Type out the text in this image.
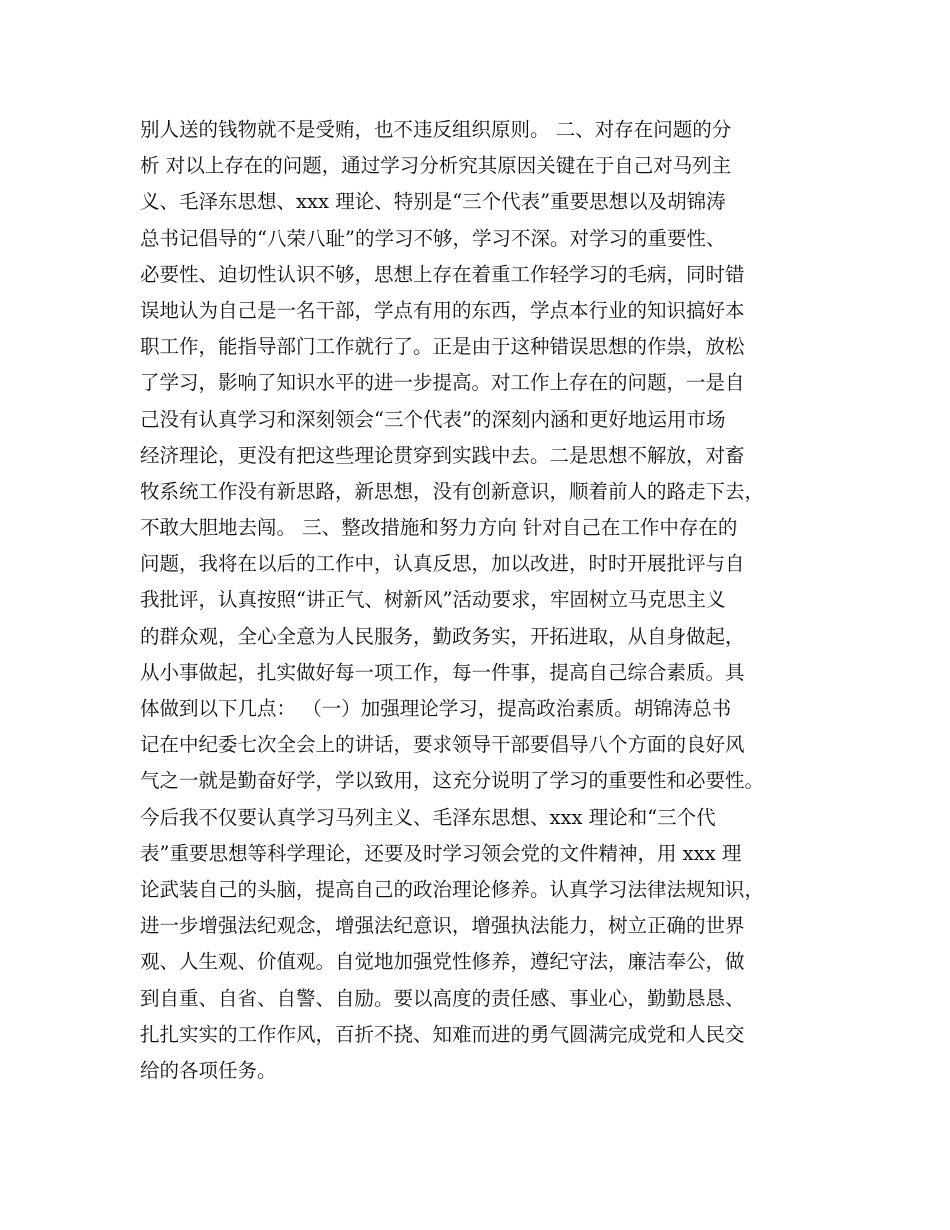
别人送的钱物就不是受贿，也不违反组织原则。 二、对存在问题的分
析 对以上存在的问题，通过学习分析究其原因关键在于自己对马列主
义、毛泽东思想、xxx 理论、特别是“三个代表”重要思想以及胡锦涛
总书记倡导的“八荣八耻”的学习不够，学习不深。对学习的重要性、
必要性、迫切性认识不够，思想上存在着重工作轻学习的毛病，同时错
误地认为自己是一名干部，学点有用的东西，学点本行业的知识搞好本
职工作，能指导部门工作就行了。正是由于这种错误思想的作祟，放松
了学习，影响了知识水平的进一步提高。对工作上存在的问题，一是自
己没有认真学习和深刻领会“三个代表”的深刻内涵和更好地运用市场
经济理论，更没有把这些理论贯穿到实践中去。二是思想不解放，对畜
牧系统工作没有新思路，新思想，没有创新意识，顺着前人的路走下去，
不敢大胆地去闯。 三、整改措施和努力方向 针对自己在工作中存在的
问题，我将在以后的工作中，认真反思，加以改进，时时开展批评与自
我批评，认真按照“讲正气、树新风”活动要求，牢固树立马克思主义
的群众观，全心全意为人民服务，勤政务实，开拓进取，从自身做起，
从小事做起，扎实做好每一项工作，每一件事，提高自己综合素质。具
体做到以下几点： （一）加强理论学习，提高政治素质。胡锦涛总书
记在中纪委七次全会上的讲话，要求领导干部要倡导八个方面的良好风
气之一就是勤奋好学，学以致用，这充分说明了学习的重要性和必要性。
今后我不仅要认真学习马列主义、毛泽东思想、xxx 理论和“三个代
表”重要思想等科学理论，还要及时学习领会党的文件精神，用 xxx 理
论武装自己的头脑，提高自己的政治理论修养。认真学习法律法规知识，
进一步增强法纪观念，增强法纪意识，增强执法能力，树立正确的世界
观、人生观、价值观。自觉地加强党性修养，遵纪守法，廉洁奉公，做
到自重、自省、自警、自励。要以高度的责任感、事业心，勤勤恳恳、
扎扎实实的工作作风，百折不挠、知难而进的勇气圆满完成党和人民交
给的各项任务。
